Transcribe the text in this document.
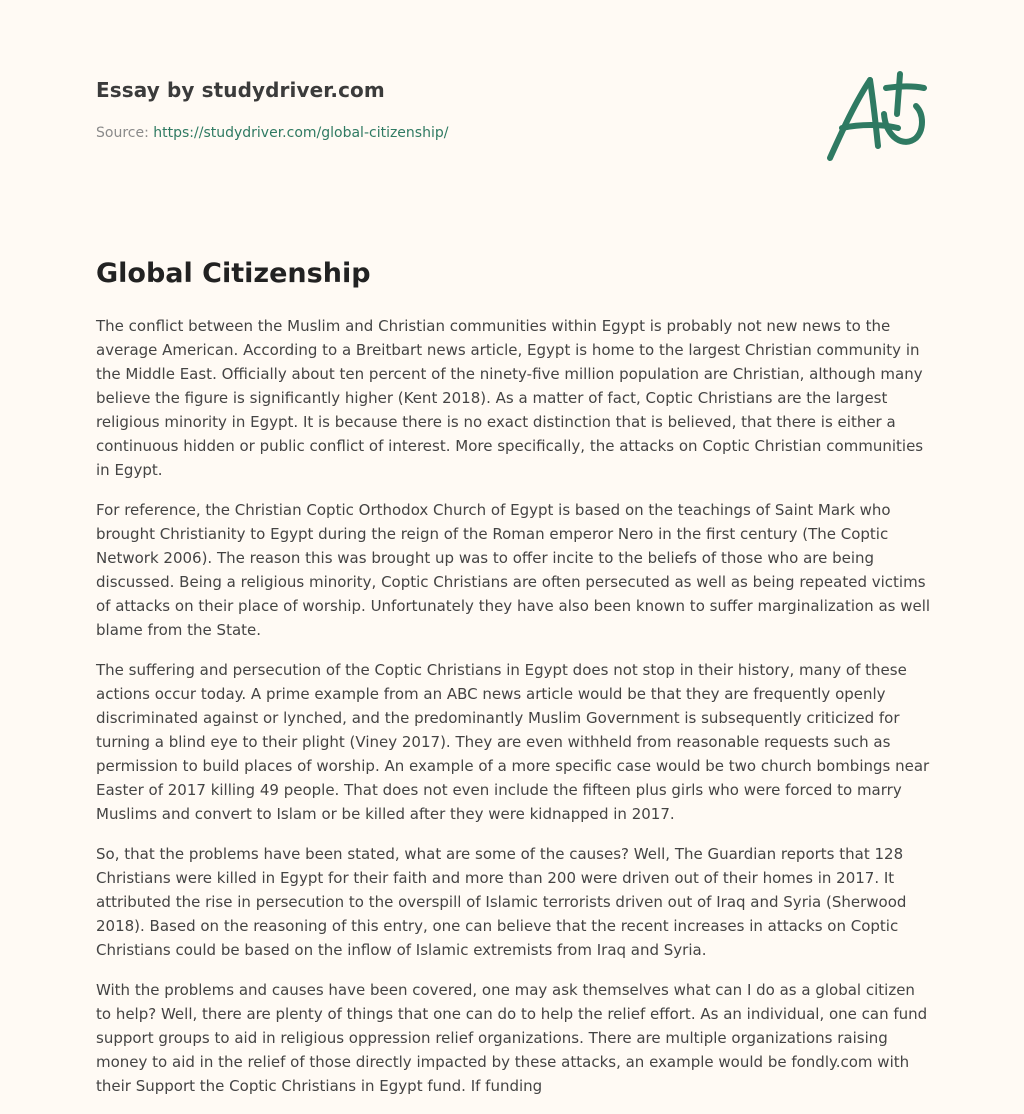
Essay by studydriver.com
Source: https://studydriver.com/global-citizenship/
Global Citizenship

The conflict between the Muslim and Christian communities within Egypt is probably not new news to the average American. According to a Breitbart news article, Egypt is home to the largest Christian community in the Middle East. Officially about ten percent of the ninety-five million population are Christian, although many believe the figure is significantly higher (Kent 2018). As a matter of fact, Coptic Christians are the largest religious minority in Egypt. It is because there is no exact distinction that is believed, that there is either a continuous hidden or public conflict of interest. More specifically, the attacks on Coptic Christian communities in Egypt.

For reference, the Christian Coptic Orthodox Church of Egypt is based on the teachings of Saint Mark who brought Christianity to Egypt during the reign of the Roman emperor Nero in the first century (The Coptic Network 2006). The reason this was brought up was to offer incite to the beliefs of those who are being discussed. Being a religious minority, Coptic Christians are often persecuted as well as being repeated victims of attacks on their place of worship. Unfortunately they have also been known to suffer marginalization as well blame from the State.

The suffering and persecution of the Coptic Christians in Egypt does not stop in their history, many of these actions occur today. A prime example from an ABC news article would be that they are frequently openly discriminated against or lynched, and the predominantly Muslim Government is subsequently criticized for turning a blind eye to their plight (Viney 2017). They are even withheld from reasonable requests such as permission to build places of worship. An example of a more specific case would be two church bombings near Easter of 2017 killing 49 people. That does not even include the fifteen plus girls who were forced to marry Muslims and convert to Islam or be killed after they were kidnapped in 2017.

So, that the problems have been stated, what are some of the causes? Well, The Guardian reports that 128 Christians were killed in Egypt for their faith and more than 200 were driven out of their homes in 2017. It attributed the rise in persecution to the overspill of Islamic terrorists driven out of Iraq and Syria (Sherwood 2018). Based on the reasoning of this entry, one can believe that the recent increases in attacks on Coptic Christians could be based on the inflow of Islamic extremists from Iraq and Syria.

With the problems and causes have been covered, one may ask themselves what can I do as a global citizen to help? Well, there are plenty of things that one can do to help the relief effort. As an individual, one can fund support groups to aid in religious oppression relief organizations. There are multiple organizations raising money to aid in the relief of those directly impacted by these attacks, an example would be fondly.com with their Support the Coptic Christians in Egypt fund. If funding
